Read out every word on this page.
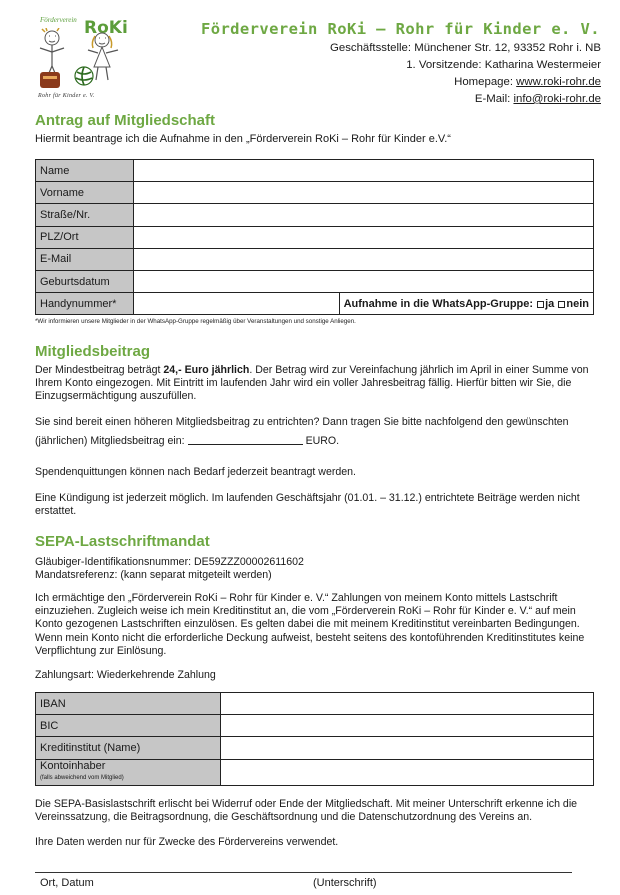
Förderverein RoKi
Rohr für Kinder e. V.
Förderverein RoKi – Rohr für Kinder e. V.
Geschäftsstelle: Münchener Str. 12, 93352 Rohr i. NB
1. Vorsitzende: Katharina Westermeier
Homepage: www.roki-rohr.de
E-Mail: info@roki-rohr.de
Antrag auf Mitgliedschaft
Hiermit beantrage ich die Aufnahme in den „Förderverein RoKi – Rohr für Kinder e.V.“
Name		
Vorname		
Straße/Nr.		
PLZ/Ort		
E-Mail		
Geburtsdatum		
Handynummer*		Aufnahme in die WhatsApp-Gruppe: ja nein
*Wir informieren unsere Mitglieder in der WhatsApp-Gruppe regelmäßig über Veranstaltungen und sonstige Anliegen.
Mitgliedsbeitrag
Der Mindestbeitrag beträgt 24,- Euro jährlich. Der Betrag wird zur Vereinfachung jährlich im April in einer Summe von Ihrem Konto eingezogen. Mit Eintritt im laufenden Jahr wird ein voller Jahresbeitrag fällig. Hierfür bitten wir Sie, die Einzugsermächtigung auszufüllen.
Sie sind bereit einen höheren Mitgliedsbeitrag zu entrichten? Dann tragen Sie bitte nachfolgend den gewünschten
(jährlichen) Mitgliedsbeitrag ein:	EURO.
Spendenquittungen können nach Bedarf jederzeit beantragt werden.
Eine Kündigung ist jederzeit möglich. Im laufenden Geschäftsjahr (01.01. – 31.12.) entrichtete Beiträge werden nicht erstattet.
SEPA-Lastschriftmandat
Gläubiger-Identifikationsnummer: DE59ZZZ00002611602
Mandatsreferenz: (kann separat mitgeteilt werden)
Ich ermächtige den „Förderverein RoKi – Rohr für Kinder e. V.“ Zahlungen von meinem Konto mittels Lastschrift einzuziehen. Zugleich weise ich mein Kreditinstitut an, die vom „Förderverein RoKi – Rohr für Kinder e. V.“ auf mein Konto gezogenen Lastschriften einzulösen. Es gelten dabei die mit meinem Kreditinstitut vereinbarten Bedingungen. Wenn mein Konto nicht die erforderliche Deckung aufweist, besteht seitens des kontoführenden Kreditinstitutes keine Verpflichtung zur Einlösung.
Zahlungsart: Wiederkehrende Zahlung
IBAN	
BIC	
Kreditinstitut (Name)	
Kontoinhaber
(falls abweichend vom Mitglied)	
Die SEPA-Basislastschrift erlischt bei Widerruf oder Ende der Mitgliedschaft. Mit meiner Unterschrift erkenne ich die Vereinssatzung, die Beitragsordnung, die Geschäftsordnung und die Datenschutzordnung des Vereins an.
Ihre Daten werden nur für Zwecke des Fördervereins verwendet.
Ort, Datum	(Unterschrift)
